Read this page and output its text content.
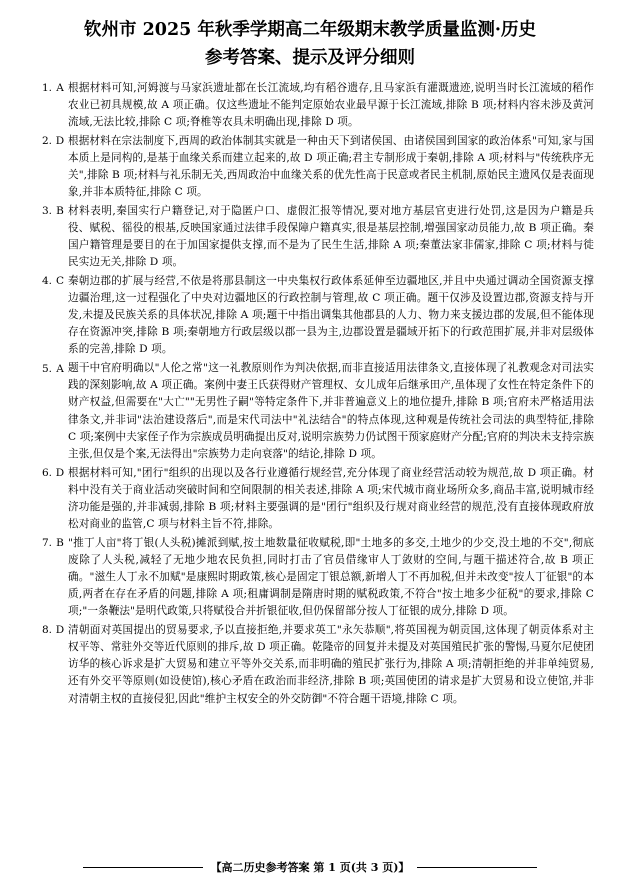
钦州市 2025 年秋季学期高二年级期末教学质量监测·历史
参考答案、提示及评分细则
1. A 根据材料可知,河姆渡与马家浜遗址都在长江流域,均有稻谷遗存,且马家浜有灌溉遗迹,说明当时长江流域的稻作农业已初具规模,故 A 项正确。仅这些遗址不能判定原始农业最早源于长江流域,排除 B 项;材料内容未涉及黄河流域,无法比较,排除 C 项;脊椎等农具未明确出现,排除 D 项。
2. D 根据材料在宗法制度下,西周的政治体制其实就是一种由天下到诸侯国、由诸侯国到国家的政治体系"可知,家与国本质上是同构的,是基于血缘关系而建立起来的,故 D 项正确;君主专制形成于秦朝,排除 A 项;材料与"传统秩序无关",排除 B 项;材料与礼乐制无关,西周政治中血缘关系的优先性高于民意或者民主机制,原始民主遗风仅是表面现象,并非本质特征,排除 C 项。
3. B 材料表明,秦国实行户籍登记,对于隐匿户口、虚假汇报等情况,要对地方基层官吏进行处罚,这是因为户籍是兵役、赋税、徭役的根基,反映国家通过法律手段保障户籍真实,很是基层控制,增强国家动员能力,故 B 项正确。秦国户籍管理是要目的在于加国家提供支撑,而不是为了民生生活,排除 A 项;秦董法家非儒家,排除 C 项;材料与徙民实边无关,排除 D 项。
4. C 秦朝边郡的扩展与经营,不依是将那县制这一中央集权行政体系延伸至边疆地区,并且中央通过调动全国资源支撑边疆治理,这一过程强化了中央对边疆地区的行政控制与管理,故 C 项正确。题干仅涉及设置边郡,资源支持与开发,未提及民族关系的具体状况,排除 A 项;题干中指出调集其他郡县的人力、物力来支援边郡的发展,但不能体现存在资源冲突,排除 B 项;秦朝地方行政层级以郡一县为主,边郡设置是疆域开拓下的行政范围扩展,并非对层级体系的完善,排除 D 项。
5. A 题干中官府明确以"人伦之常"这一礼教原则作为判决依据,而非直接适用法律条文,直接体现了礼教观念对司法实践的深刻影响,故 A 项正确。案例中妻王氏获得财产管理权、女儿成年后继承田产,虽体现了女性在特定条件下的财产权益,但需要在"大亡""无男性子嗣"等特定条件下,并非普遍意义上的地位提升,排除 B 项;官府未严格适用法律条文,并非词"法治建设落后",而是宋代司法中"礼法结合"的特点体现,这种观是传统社会司法的典型特征,排除 C 项;案例中夫家侄子作为宗族成员明确提出反对,说明宗族势力仍试图干预家庭财产分配;官府的判决未支持宗族主张,但仅是个案,无法得出"宗族势力走向衰落"的结论,排除 D 项。
6. D 根据材料可知,"团行"组织的出现以及各行业遵循行规经营,充分体现了商业经营活动较为规范,故 D 项正确。材料中没有关于商业活动突破时间和空间限制的相关表述,排除 A 项;宋代城市商业场所众多,商品丰富,说明城市经济功能是强的,并非减弱,排除 B 项;材料主要强调的是"团行"组织及行规对商业经营的规范,没有直接体现政府放松对商业的监管,C 项与材料主旨不符,排除。
7. B "推丁人亩"将丁银(人头税)摊派到赋,按土地数量征收赋税,即"土地多的多交,土地少的少交,没土地的不交",彻底废除了人头税,减轻了无地少地农民负担,同时打击了官员借缘审人丁敛财的空间,与题干描述符合,故 B 项正确。"滋生人丁永不加赋"是康熙时期政策,核心是固定丁银总额,新增人丁不再加税,但并未改变"按人丁征银"的本质,两者在存在矛盾的问题,排除 A 项;租庸调制是隋唐时期的赋税政策,不符合"按土地多少征税"的要求,排除 C 项;"一条鞭法"是明代政策,只将赋役合并折银征收,但仍保留部分按人丁征银的成分,排除 D 项。
8. D 清朝面对英国提出的贸易要求,予以直接拒绝,并要求英工"永矢恭顺",将英国视为朝贡国,这体现了朝贡体系对主权平等、常驻外交等近代原则的排斥,故 D 项正确。乾隆帝的回复并未提及对英国殖民扩张的警惕,马夏尔尼使团访华的核心诉求是扩大贸易和建立平等外交关系,而非明确的殖民扩张行为,排除 A 项;清朝拒绝的并非单纯贸易,还有外交平等原则(如设使馆),核心矛盾在政治而非经济,排除 B 项;英国使团的请求是扩大贸易和设立使馆,并非对清朝主权的直接侵犯,因此"维护主权安全的外交防御"不符合题干语境,排除 C 项。
【高二历史参考答案 第 1 页(共 3 页)】
